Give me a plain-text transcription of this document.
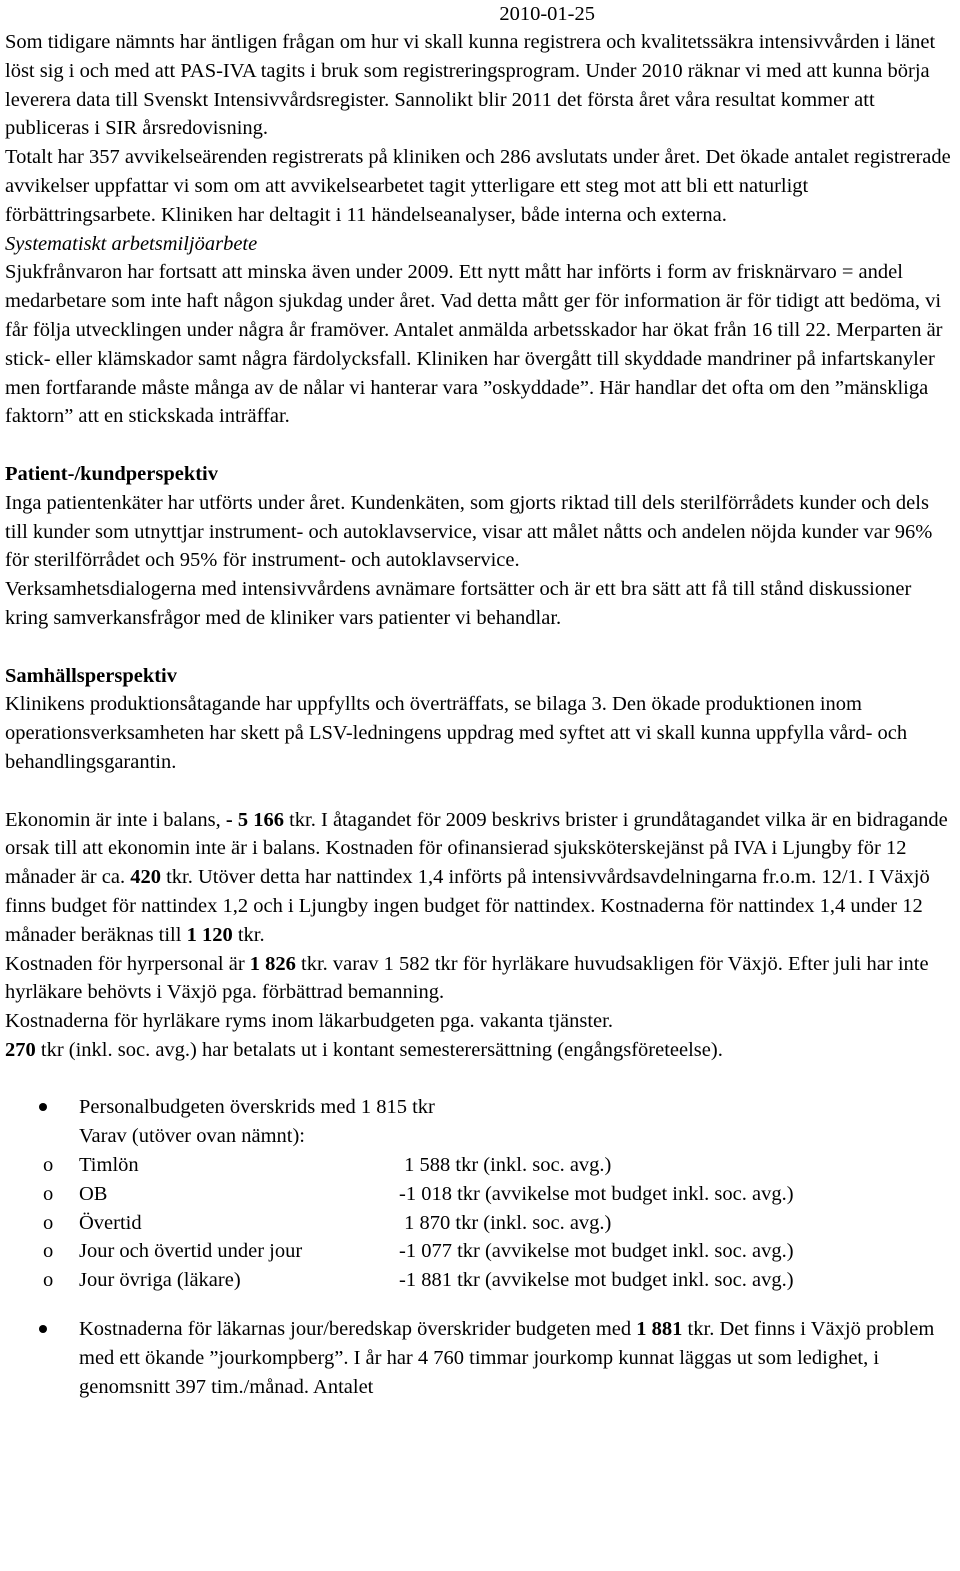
2010-01-25

Som tidigare nämnts har äntligen frågan om hur vi skall kunna registrera och kvalitetssäkra intensivvården i länet löst sig i och med att PAS-IVA tagits i bruk som registreringsprogram. Under 2010 räknar vi med att kunna börja leverera data till Svenskt Intensivvårdsregister. Sannolikt blir 2011 det första året våra resultat kommer att publiceras i SIR årsredovisning.

Totalt har 357 avvikelseärenden registrerats på kliniken och 286 avslutats under året. Det ökade antalet registrerade avvikelser uppfattar vi som om att avvikelsearbetet tagit ytterligare ett steg mot att bli ett naturligt förbättringsarbete. Kliniken har deltagit i 11 händelseanalyser, både interna och externa.

Systematiskt arbetsmiljöarbete

Sjukfrånvaron har fortsatt att minska även under 2009. Ett nytt mått har införts i form av frisknärvaro = andel medarbetare som inte haft någon sjukdag under året. Vad detta mått ger för information är för tidigt att bedöma, vi får följa utvecklingen under några år framöver. Antalet anmälda arbetsskador har ökat från 16 till 22. Merparten är stick- eller klämskador samt några färdolycksfall. Kliniken har övergått till skyddade mandriner på infartskanyler men fortfarande måste många av de nålar vi hanterar vara ”oskyddade”. Här handlar det ofta om den ”mänskliga faktorn” att en stickskada inträffar.

Patient-/kundperspektiv

Inga patientenkäter har utförts under året. Kundenkäten, som gjorts riktad till dels sterilförrådets kunder och dels till kunder som utnyttjar instrument- och autoklavservice, visar att målet nåtts och andelen nöjda kunder var 96% för sterilförrådet och 95% för instrument- och autoklavservice.

Verksamhetsdialogerna med intensivvårdens avnämare fortsätter och är ett bra sätt att få till stånd diskussioner kring samverkansfrågor med de kliniker vars patienter vi behandlar.

Samhällsperspektiv

Klinikens produktionsåtagande har uppfyllts och överträffats, se bilaga 3. Den ökade produktionen inom operationsverksamheten har skett på LSV-ledningens uppdrag med syftet att vi skall kunna uppfylla vård- och behandlingsgarantin.

Ekonomin är inte i balans, - 5 166 tkr. I åtagandet för 2009 beskrivs brister i grundåtagandet vilka är en bidragande orsak till att ekonomin inte är i balans. Kostnaden för ofinansierad sjuksköterskejänst på IVA i Ljungby för 12 månader är ca. 420 tkr. Utöver detta har nattindex 1,4 införts på intensivvårdsavdelningarna fr.o.m. 12/1. I Växjö finns budget för nattindex 1,2 och i Ljungby ingen budget för nattindex. Kostnaderna för nattindex 1,4 under 12 månader beräknas till 1 120 tkr.

Kostnaden för hyrpersonal är 1 826 tkr. varav 1 582 tkr för hyrläkare huvudsakligen för Växjö. Efter juli har inte hyrläkare behövts i Växjö pga. förbättrad bemanning.

Kostnaderna för hyrläkare ryms inom läkarbudgeten pga. vakanta tjänster.

270 tkr (inkl. soc. avg.) har betalats ut i kontant semesterersättning (engångsföreteelse).

Personalbudgeten överskrids med 1 815 tkr
Varav (utöver ovan nämnt):
o	Timlön	1 588 tkr (inkl. soc. avg.)
o	OB	-1 018 tkr (avvikelse mot budget inkl. soc. avg.)
o	Övertid	1 870 tkr (inkl. soc. avg.)
o	Jour och övertid under jour	-1 077 tkr (avvikelse mot budget inkl. soc. avg.)
o	Jour övriga (läkare)	-1 881 tkr (avvikelse mot budget inkl. soc. avg.)
Kostnaderna för läkarnas jour/beredskap överskrider budgeten med 1 881 tkr. Det finns i Växjö problem med ett ökande ”jourkompberg”. I år har 4 760 timmar jourkomp kunnat läggas ut som ledighet, i genomsnitt 397 tim./månad. Antalet
